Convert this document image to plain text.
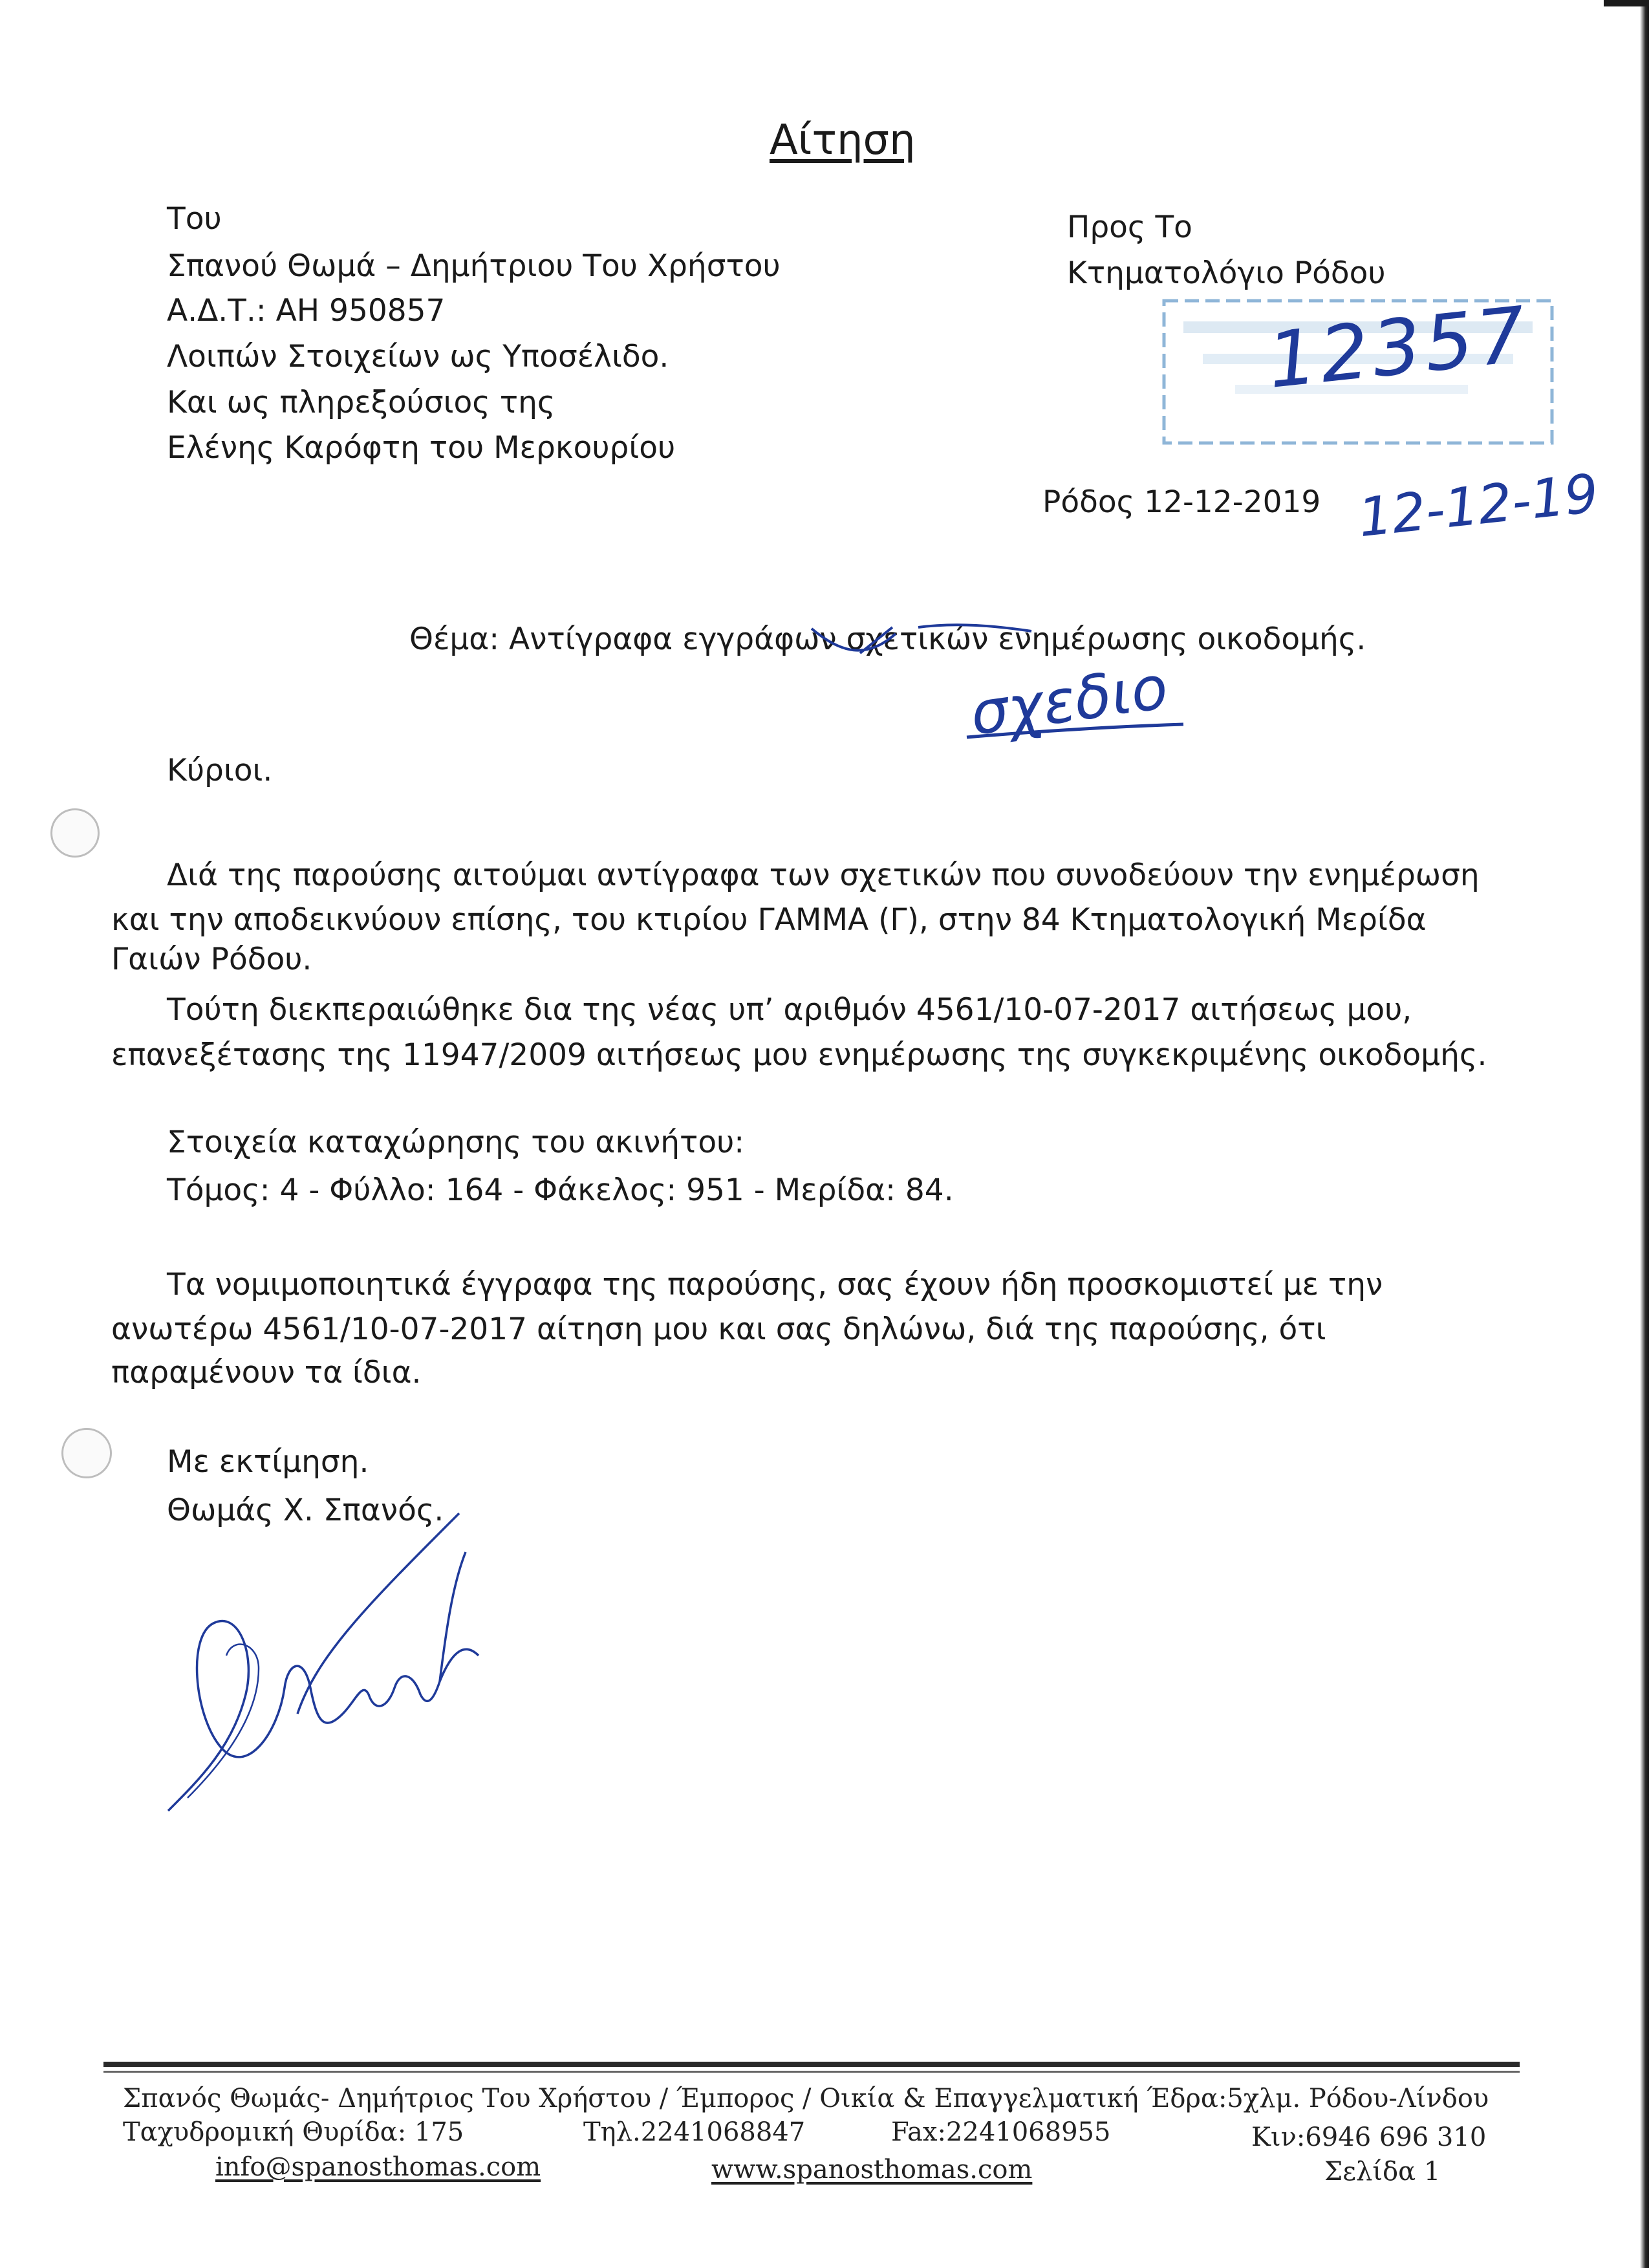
Αίτηση
Του
Σπανού Θωμά – Δημήτριου Του Χρήστου
Α.Δ.Τ.: ΑΗ 950857
Λοιπών Στοιχείων ως Υποσέλιδο.
Και ως πληρεξούσιος της
Ελένης Καρόφτη του Μερκουρίου
Προς Το
Κτηματολόγιο Ρόδου
12357
Ρόδος 12-12-2019 12-12-19
Θέμα: Αντίγραφα εγγράφων σχετικών ενημέρωσης οικοδομής.
σχεδιο
Κύριοι.
Διά της παρούσης αιτούμαι αντίγραφα των σχετικών που συνοδεύουν την ενημέρωση
και την αποδεικνύουν επίσης, του κτιρίου ΓΑΜΜΑ (Γ), στην 84 Κτηματολογική Μερίδα
Γαιών Ρόδου.
Τούτη διεκπεραιώθηκε δια της νέας υπ’ αριθμόν 4561/10-07-2017 αιτήσεως μου,
επανεξέτασης της 11947/2009 αιτήσεως μου ενημέρωσης της συγκεκριμένης οικοδομής.
Στοιχεία καταχώρησης του ακινήτου:
Τόμος: 4 - Φύλλο: 164 - Φάκελος: 951 - Μερίδα: 84.
Τα νομιμοποιητικά έγγραφα της παρούσης, σας έχουν ήδη προσκομιστεί με την
ανωτέρω 4561/10-07-2017 αίτηση μου και σας δηλώνω, διά της παρούσης, ότι
παραμένουν τα ίδια.
Με εκτίμηση.
Θωμάς Χ. Σπανός.
Σπανός Θωμάς- Δημήτριος Του Χρήστου / Έμπορος / Οικία & Επαγγελματική Έδρα:5χλμ. Ρόδου-Λίνδου
Ταχυδρομική Θυρίδα: 175	Τηλ.2241068847	Fax:2241068955	Κιν:6946 696 310
info@spanosthomas.com	www.spanosthomas.com	Σελίδα 1
